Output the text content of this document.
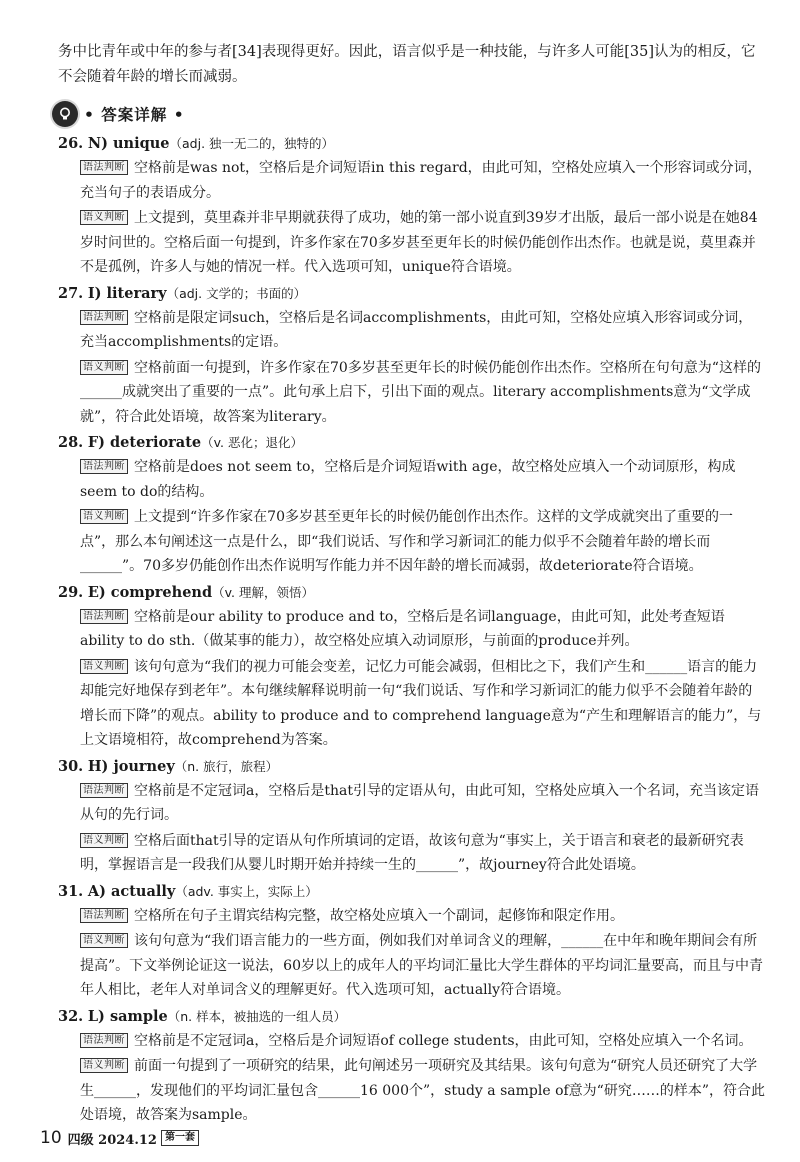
务中比青年或中年的参与者[34]表现得更好。因此，语言似乎是一种技能，与许多人可能[35]认为的相反，它不会随着年龄的增长而减弱。

• 答案详解 •
26. N) unique（adj. 独一无二的，独特的）

语法判断 空格前是was not，空格后是介词短语in this regard，由此可知，空格处应填入一个形容词或分词，充当句子的表语成分。

语义判断 上文提到，莫里森并非早期就获得了成功，她的第一部小说直到39岁才出版，最后一部小说是在她84岁时问世的。空格后面一句提到，许多作家在70多岁甚至更年长的时候仍能创作出杰作。也就是说，莫里森并不是孤例，许多人与她的情况一样。代入选项可知，unique符合语境。

27. I) literary（adj. 文学的；书面的）

语法判断 空格前是限定词such，空格后是名词accomplishments，由此可知，空格处应填入形容词或分词，充当accomplishments的定语。

语义判断 空格前面一句提到，许多作家在70多岁甚至更年长的时候仍能创作出杰作。空格所在句句意为“这样的______成就突出了重要的一点”。此句承上启下，引出下面的观点。literary accomplishments意为“文学成就”，符合此处语境，故答案为literary。

28. F) deteriorate（v. 恶化；退化）

语法判断 空格前是does not seem to，空格后是介词短语with age，故空格处应填入一个动词原形，构成seem to do的结构。

语义判断 上文提到“许多作家在70多岁甚至更年长的时候仍能创作出杰作。这样的文学成就突出了重要的一点”，那么本句阐述这一点是什么，即“我们说话、写作和学习新词汇的能力似乎不会随着年龄的增长而______”。70多岁仍能创作出杰作说明写作能力并不因年龄的增长而减弱，故deteriorate符合语境。

29. E) comprehend（v. 理解，领悟）

语法判断 空格前是our ability to produce and to，空格后是名词language，由此可知，此处考查短语ability to do sth.（做某事的能力），故空格处应填入动词原形，与前面的produce并列。

语义判断 该句句意为“我们的视力可能会变差，记忆力可能会减弱，但相比之下，我们产生和______语言的能力却能完好地保存到老年”。本句继续解释说明前一句“我们说话、写作和学习新词汇的能力似乎不会随着年龄的增长而下降”的观点。ability to produce and to comprehend language意为“产生和理解语言的能力”，与上文语境相符，故comprehend为答案。

30. H) journey（n. 旅行，旅程）

语法判断 空格前是不定冠词a，空格后是that引导的定语从句，由此可知，空格处应填入一个名词，充当该定语从句的先行词。

语义判断 空格后面that引导的定语从句作所填词的定语，故该句意为“事实上，关于语言和衰老的最新研究表明，掌握语言是一段我们从婴儿时期开始并持续一生的______”，故journey符合此处语境。

31. A) actually（adv. 事实上，实际上）

语法判断 空格所在句子主谓宾结构完整，故空格处应填入一个副词，起修饰和限定作用。

语义判断 该句句意为“我们语言能力的一些方面，例如我们对单词含义的理解，______在中年和晚年期间会有所提高”。下文举例论证这一说法，60岁以上的成年人的平均词汇量比大学生群体的平均词汇量要高，而且与中青年人相比，老年人对单词含义的理解更好。代入选项可知，actually符合语境。

32. L) sample（n. 样本，被抽选的一组人员）

语法判断 空格前是不定冠词a，空格后是介词短语of college students，由此可知，空格处应填入一个名词。

语义判断 前面一句提到了一项研究的结果，此句阐述另一项研究及其结果。该句句意为“研究人员还研究了大学生______，发现他们的平均词汇量包含______16 000个”，study a sample of意为“研究……的样本”，符合此处语境，故答案为sample。

10 四级 2024.12 第一套
